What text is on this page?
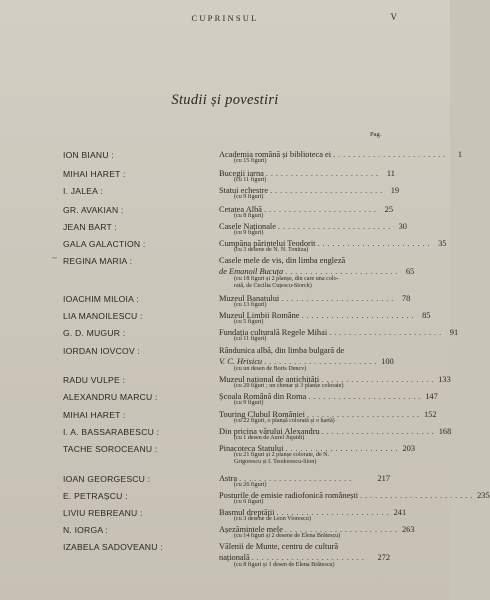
CUPRINSUL	V
Studii și povestiri
Pag.
ION BIANU :	Academia română și biblioteca ei .......................	1
(cu 15 figuri)
MIHAI HARET :	Bucegii iarna ....................... 11
(cu 11 figuri)
I. JALEA :	Statui echestre ....................... 19
(cu 9 figuri)
GR. AVAKIAN :	Cetatea Albă ....................... 25
(cu 8 figuri)
JEAN BART :	Casele Naționale ....................... 30
(cu 9 figuri)
GALA GALACTION :	Cumpăna părintelui Teodorit ....................... 35
(cu 3 desene de N. N. Tonitza)
~ REGINA MARIA :	Casele mele de vis, din limba engleză
de Emanoil Bucuța ....................... 65
(cu 18 figuri și 2 planșe, din care una colo-
rată, de Cecilia Cuțescu-Storck)
IOACHIM MILOIA :	Muzeul Banatului ....................... 78
(cu 13 figuri)
LIA MANOILESCU :	Muzeul Limbii Române ....................... 85
(cu 5 figuri)
G. D. MUGUR :	Fundația culturală Regele Mihai ....................... 91
(cu 11 figuri)
IORDAN IOVCOV :	Rândunica albă, din limba bulgară de
V. C. Hrisicu ....................... 100
(cu un desen de Boris Dencv)
RADU VULPE :	Muzeul național de antichități ....................... 133
(cu 20 figuri ; un chenar și 3 planșe colorate)
ALEXANDRU MARCU :	Școala Română din Roma ....................... 147
(cu 9 figuri)
MIHAI HARET :	Touring Clubul României ....................... 152
(cu 22 figuri, o planșă colorată și o hartă)
I. A. BASSARABESCU :	Din pricina vărului Alexandru ....................... 168
(cu 1 desen de Aurel Jiquidi)
TACHE SOROCEANU :	Pinacoteca Statului ....................... 203
(cu 21 figuri și 2 planșe colorate, de N.
Grigorescu și I. Teodorescu-Sion)
IOAN GEORGESCU :	Astra .......................	217
(cu 26 figuri)
E. PETRAȘCU :	Posturile de emisie radiofonică românești ....................... 235
(cu 6 figuri)
LIVIU REBREANU :	Basmul dreptății ....................... 241
(cu 3 desene de Leon Viorescu)
N. IORGA :	Așezămintele mele ....................... 263
(cu 14 figuri și 2 desene de Elena Brătescu)
IZABELA SADOVEANU :	Vălenii de Munte, centru de cultură
națională .......................	272
(cu 8 figuri și 1 desen de Elena Brătescu)
